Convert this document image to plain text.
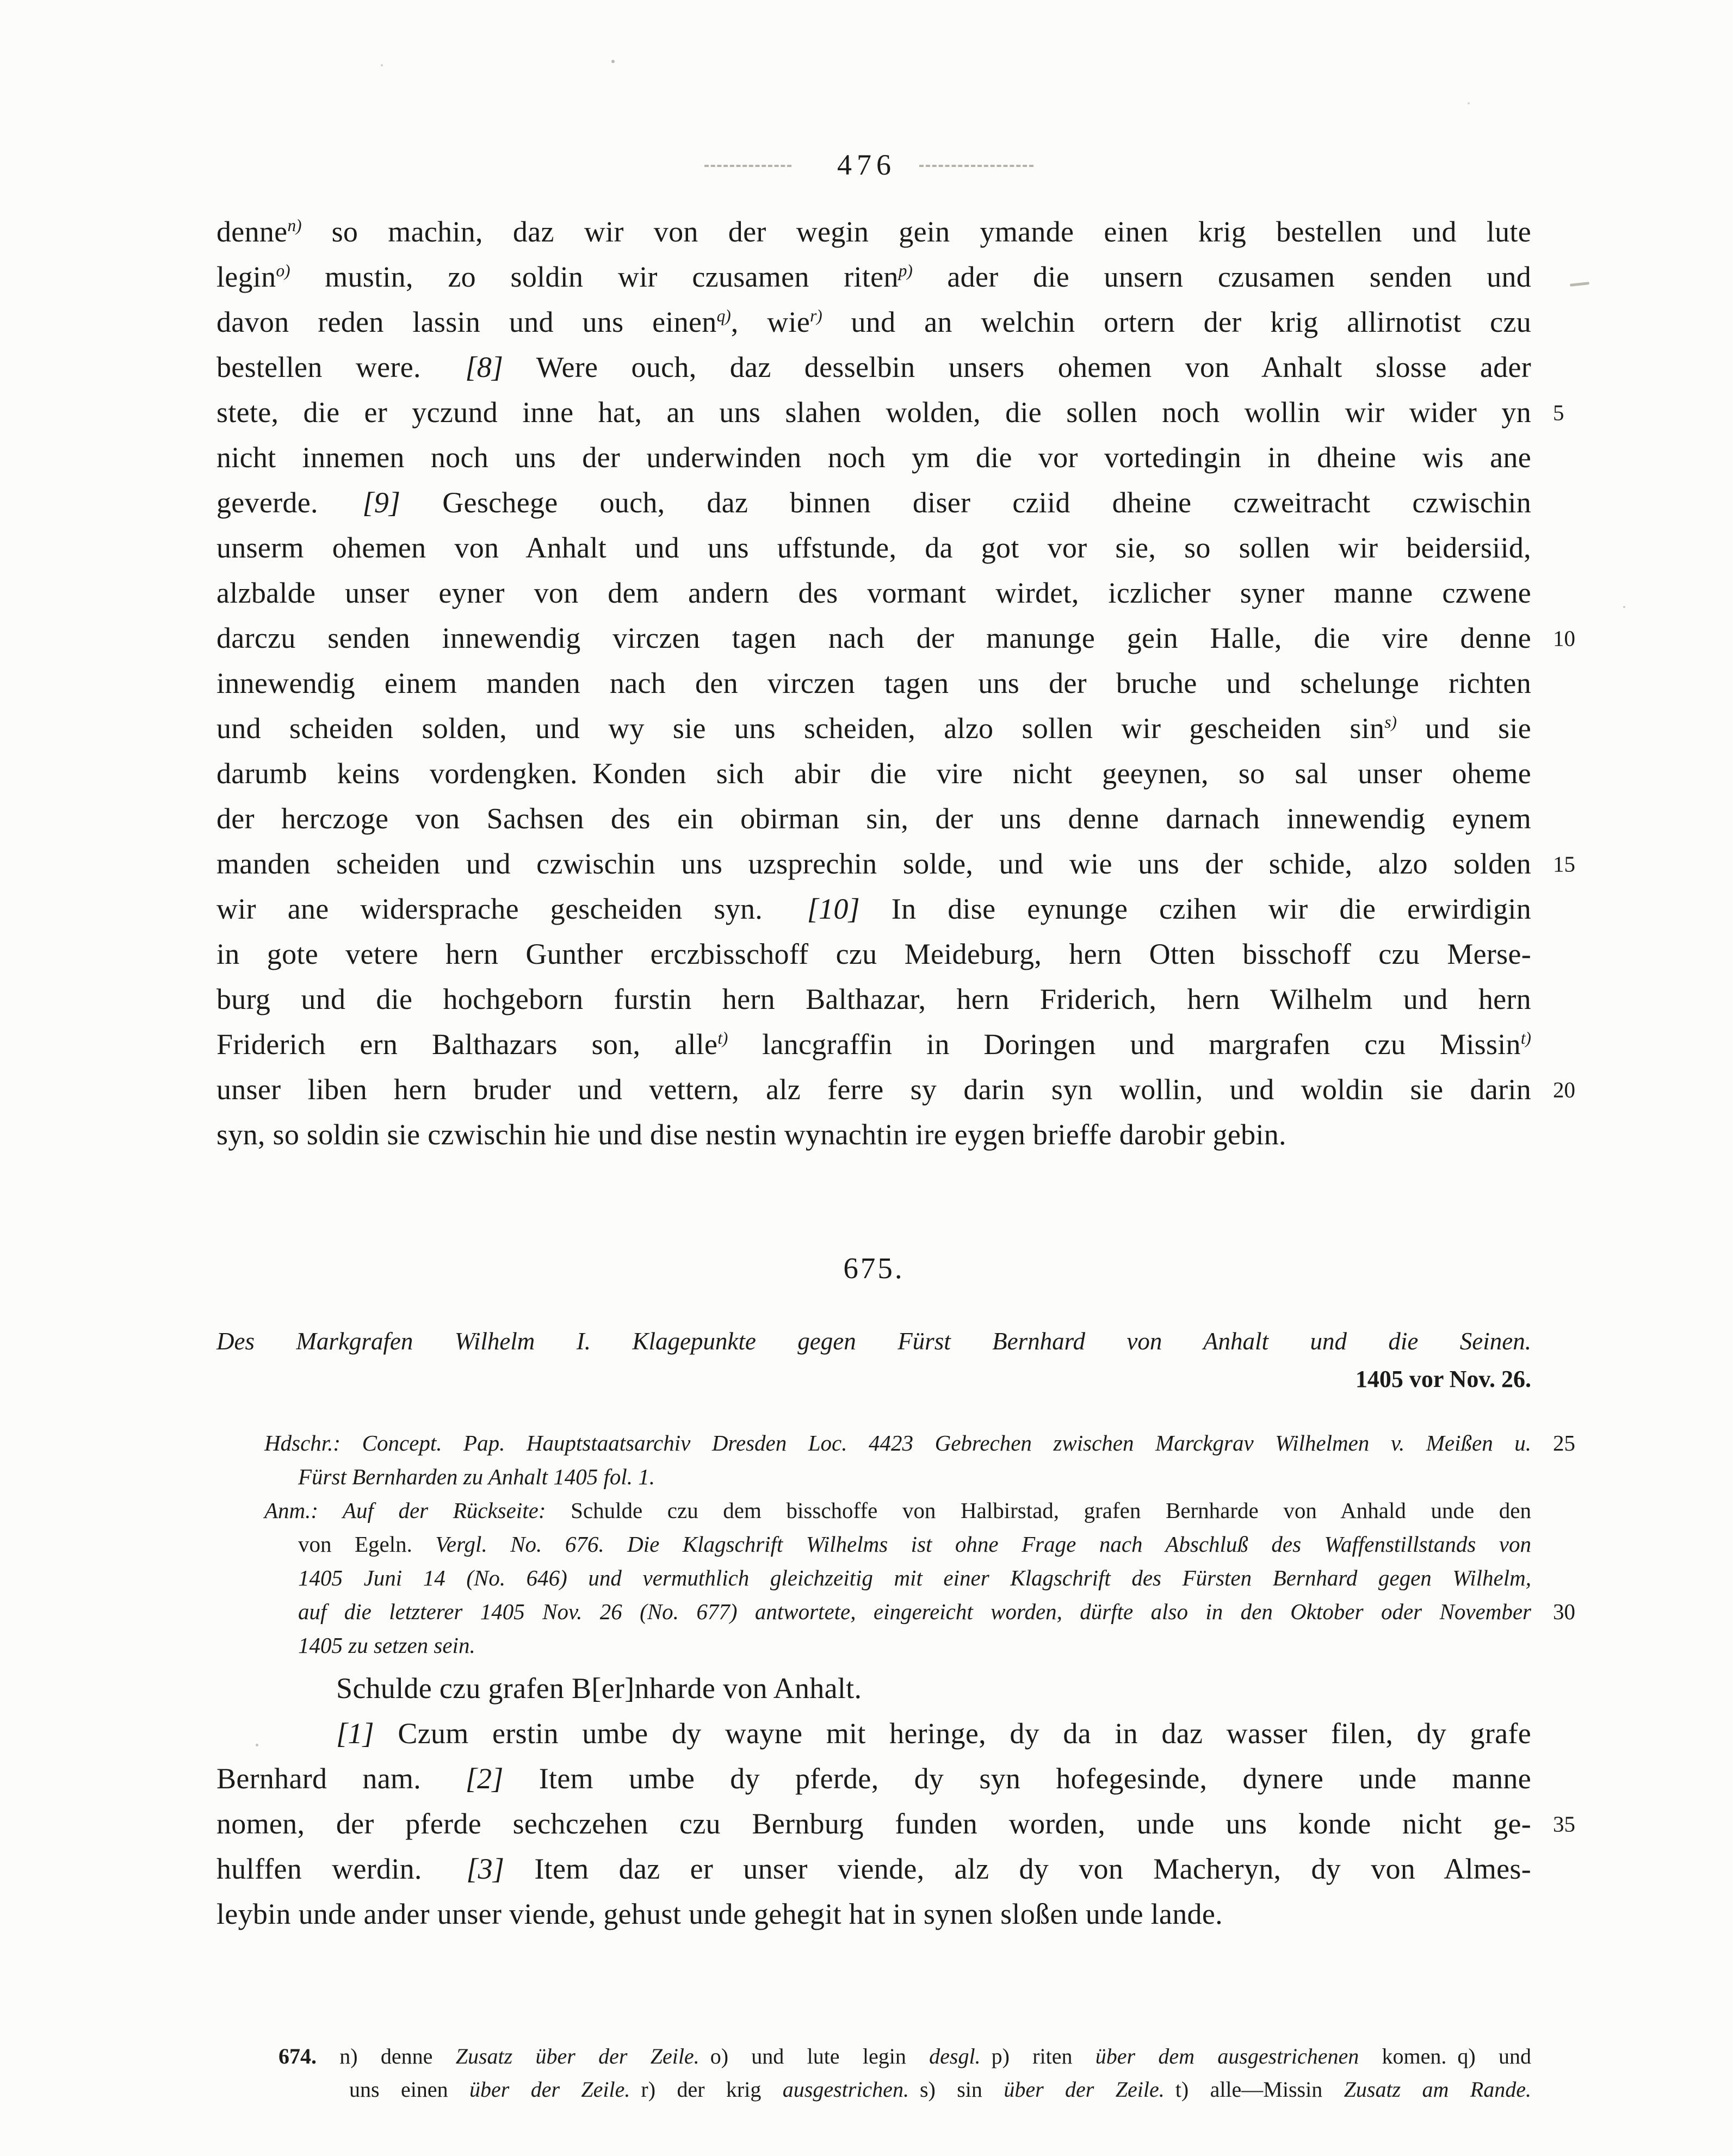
476
denne$^{n)}$ so machin, daz wir von der wegin gein ymande einen krig bestellen und lute
legin$^{o)}$ mustin, zo soldin wir czusamen riten$^{p)}$ ader die unsern czusamen senden und
davon reden lassin und uns einen$^{q)}$, wie$^{r)}$ und an welchin ortern der krig allirnotist czu
bestellen were.  [8] Were ouch, daz desselbin unsers ohemen von Anhalt slosse ader
stete, die er yczund inne hat, an uns slahen wolden, die sollen noch wollin wir wider yn 5
nicht innemen noch uns der underwinden noch ym die vor vortedingin in dheine wis ane
geverde.  [9] Geschege ouch, daz binnen diser cziid dheine czweitracht czwischin
unserm ohemen von Anhalt und uns uffstunde, da got vor sie, so sollen wir beidersiid,
alzbalde unser eyner von dem andern des vormant wirdet, iczlicher syner manne czwene
darczu senden innewendig virczen tagen nach der manunge gein Halle, die vire denne 10
innewendig einem manden nach den virczen tagen uns der bruche und schelunge richten
und scheiden solden, und wy sie uns scheiden, alzo sollen wir gescheiden $\sin^{s)}$ und sie
darumb keins vordengken. Konden sich abir die vire nicht geeynen, so sal unser oheme
der herczoge von Sachsen des ein obirman sin, der uns denne darnach innewendig eynem
manden scheiden und czwischin uns uzsprechin solde, und wie uns der schide, alzo solden 15
wir ane widersprache gescheiden syn.  [10] In dise eynunge czihen wir die erwirdigin
in gote vetere hern Gunther erczbisschoff czu Meideburg, hern Otten bisschoff czu Merse-
burg und die hochgeborn furstin hern Balthazar, hern Friderich, hern Wilhelm und hern
Friderich ern Balthazars son, alle$^{t)}$ lancgraffin in Doringen und margrafen czu Missin$^{t)}$
unser liben hern bruder und vettern, alz ferre sy darin syn wollin, und woldin sie darin 20
syn, so soldin sie czwischin hie und dise nestin wynachtin ire eygen brieffe darobir gebin.
675.
Des Markgrafen Wilhelm I. Klagepunkte gegen Fürst Bernhard von Anhalt und die Seinen.
1405 vor Nov. 26.
Hdschr.: Concept. Pap. Hauptstaatsarchiv Dresden Loc. 4423 Gebrechen zwischen Marckgrav Wilhelmen v. Meißen u. 25
Fürst Bernharden zu Anhalt 1405 fol. 1.
Anm.: Auf der Rückseite: Schulde czu dem bisschoffe von Halbirstad, grafen Bernharde von Anhald unde den
von Egeln. Vergl. No. 676. Die Klagschrift Wilhelms ist ohne Frage nach Abschluß des Waffenstillstands von
1405 Juni 14 (No. 646) und vermuthlich gleichzeitig mit einer Klagschrift des Fürsten Bernhard gegen Wilhelm,
auf die letzterer 1405 Nov. 26 (No. 677) antwortete, eingereicht worden, dürfte also in den Oktober oder November 30
1405 zu setzen sein.
Schulde czu grafen B[er]nharde von Anhalt.
[1] Czum erstin umbe dy wayne mit heringe, dy da in daz wasser filen, dy grafe
Bernhard nam.  [2] Item umbe dy pferde, dy syn hofegesinde, dynere unde manne
nomen, der pferde sechczehen czu Bernburg funden worden, unde uns konde nicht ge- 35
hulffen werdin.  [3] Item daz er unser viende, alz dy von Macheryn, dy von Almes-
leybin unde ander unser viende, gehust unde gehegit hat in synen sloßen unde lande.
674. n) denne Zusatz über der Zeile. o) und lute legin desgl. p) riten über dem ausgestrichenen komen. q) und
uns einen über der Zeile. r) der krig ausgestrichen. s) sin über der Zeile. t) alle—Missin Zusatz am Rande.
